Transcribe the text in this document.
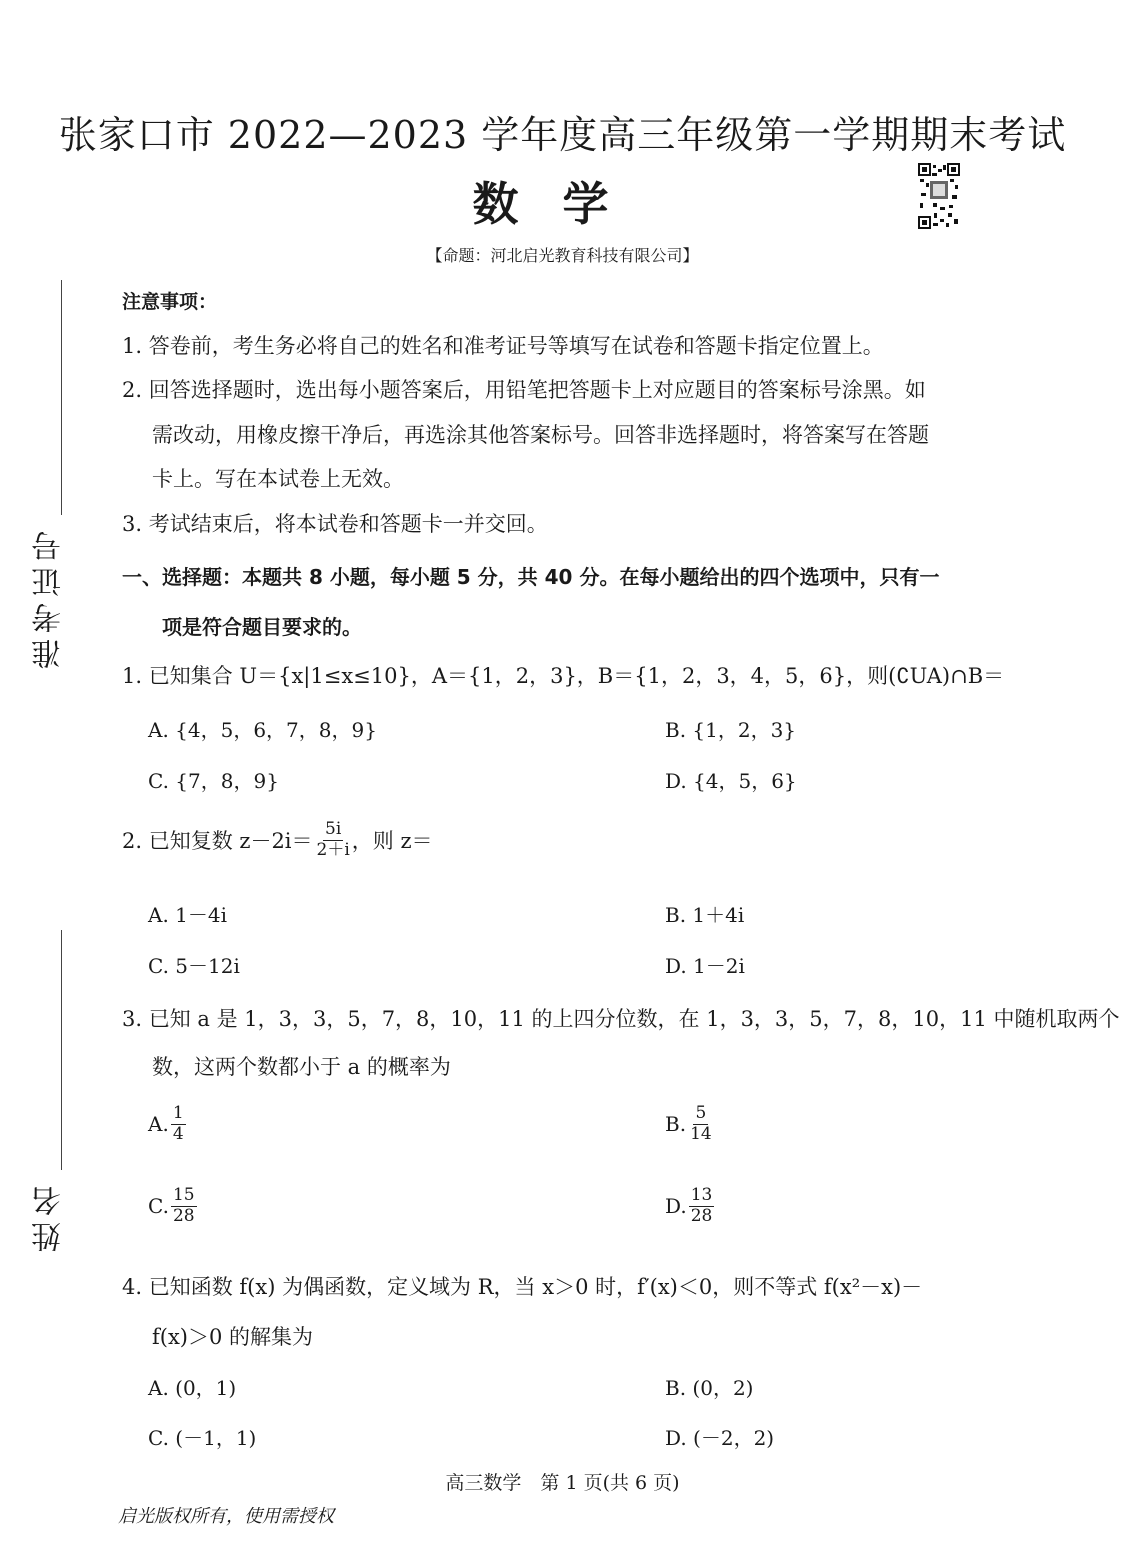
张家口市 2022—2023 学年度高三年级第一学期期末考试
数学
【命题：河北启光教育科技有限公司】
准考证号
姓名
注意事项：
1. 答卷前，考生务必将自己的姓名和准考证号等填写在试卷和答题卡指定位置上。
2. 回答选择题时，选出每小题答案后，用铅笔把答题卡上对应题目的答案标号涂黑。如
需改动，用橡皮擦干净后，再选涂其他答案标号。回答非选择题时，将答案写在答题
卡上。写在本试卷上无效。
3. 考试结束后，将本试卷和答题卡一并交回。
一、选择题：本题共 8 小题，每小题 5 分，共 40 分。在每小题给出的四个选项中，只有一
项是符合题目要求的。
1. 已知集合 U＝{x|1≤x≤10}，A＝{1，2，3}，B＝{1，2，3，4，5，6}，则(∁UA)∩B＝
A. {4，5，6，7，8，9}	B. {1，2，3}
C. {7，8，9}	D. {4，5，6}
2. 已知复数 $z-2i= \frac{5i}{2+i}$ ，则 z＝
A. 1－4i	B. 1＋4i
C. 5－12i	D. 1－2i
3. 已知 a 是 1，3，3，5，7，8，10，11 的上四分位数，在 1，3，3，5，7，8，10，11 中随机取两个
数，这两个数都小于 a 的概率为
A. $\frac{1}{4}$	B. $\frac{5}{14}$
C. $\frac{15}{28}$	D. $\frac{13}{28}$
4. 已知函数 f(x) 为偶函数，定义域为 R，当 x＞0 时，f′(x)＜0，则不等式 f(x²－x)－
f(x)＞0 的解集为
A. (0，1)	B. (0，2)
C. (－1，1)	D. (－2，2)
高三数学　第 1 页(共 6 页)
启光版权所有，使用需授权
